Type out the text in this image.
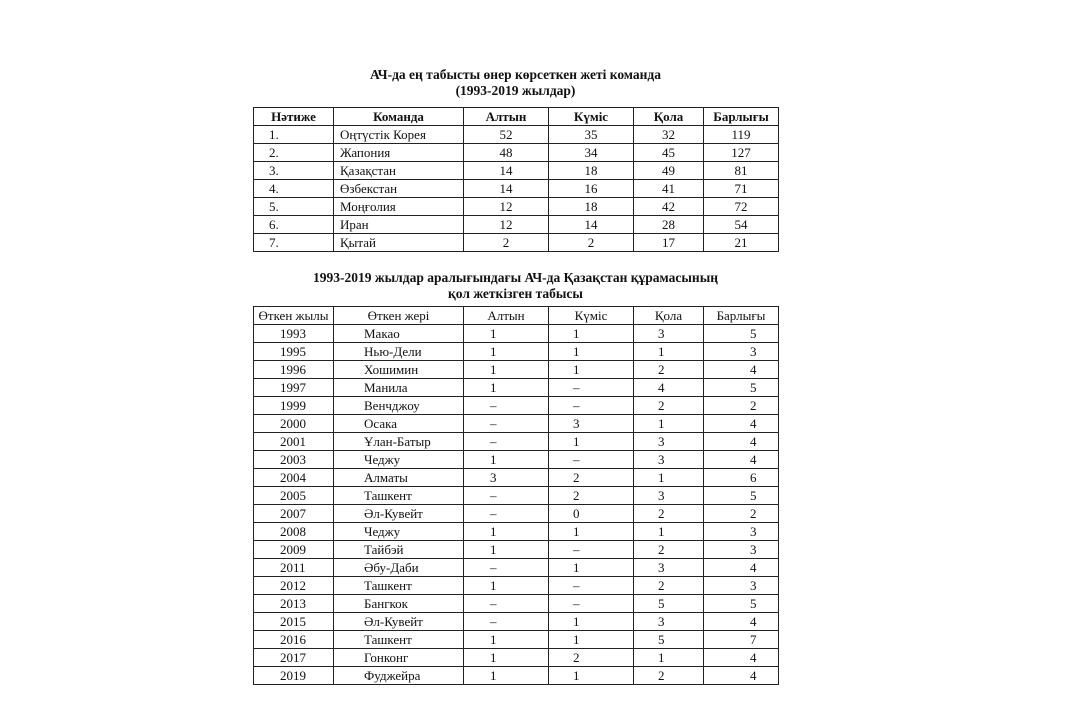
АЧ-да ең табысты өнер көрсеткен жеті команда
(1993-2019 жылдар)
Нәтиже	Команда	Алтын	Күміс	Қола	Барлығы
1.	Оңтүстік Корея	52	35	32	119
2.	Жапония	48	34	45	127
3.	Қазақстан	14	18	49	81
4.	Өзбекстан	14	16	41	71
5.	Моңғолия	12	18	42	72
6.	Иран	12	14	28	54
7.	Қытай	2	2	17	21
1993-2019 жылдар аралығындағы АЧ-да Қазақстан құрамасының
қол жеткізген табысы
Өткен жылы	Өткен жері	Алтын	Күміс	Қола	Барлығы
1993	Макао	1	1	3	5
1995	Нью-Дели	1	1	1	3
1996	Хошимин	1	1	2	4
1997	Манила	1	–	4	5
1999	Венчджоу	–	–	2	2
2000	Осака	–	3	1	4
2001	Ұлан-Батыр	–	1	3	4
2003	Чеджу	1	–	3	4
2004	Алматы	3	2	1	6
2005	Ташкент	–	2	3	5
2007	Әл-Кувейт	–	0	2	2
2008	Чеджу	1	1	1	3
2009	Тайбэй	1	–	2	3
2011	Әбу-Даби	–	1	3	4
2012	Ташкент	1	–	2	3
2013	Бангкок	–	–	5	5
2015	Әл-Кувейт	–	1	3	4
2016	Ташкент	1	1	5	7
2017	Гонконг	1	2	1	4
2019	Фуджейра	1	1	2	4
